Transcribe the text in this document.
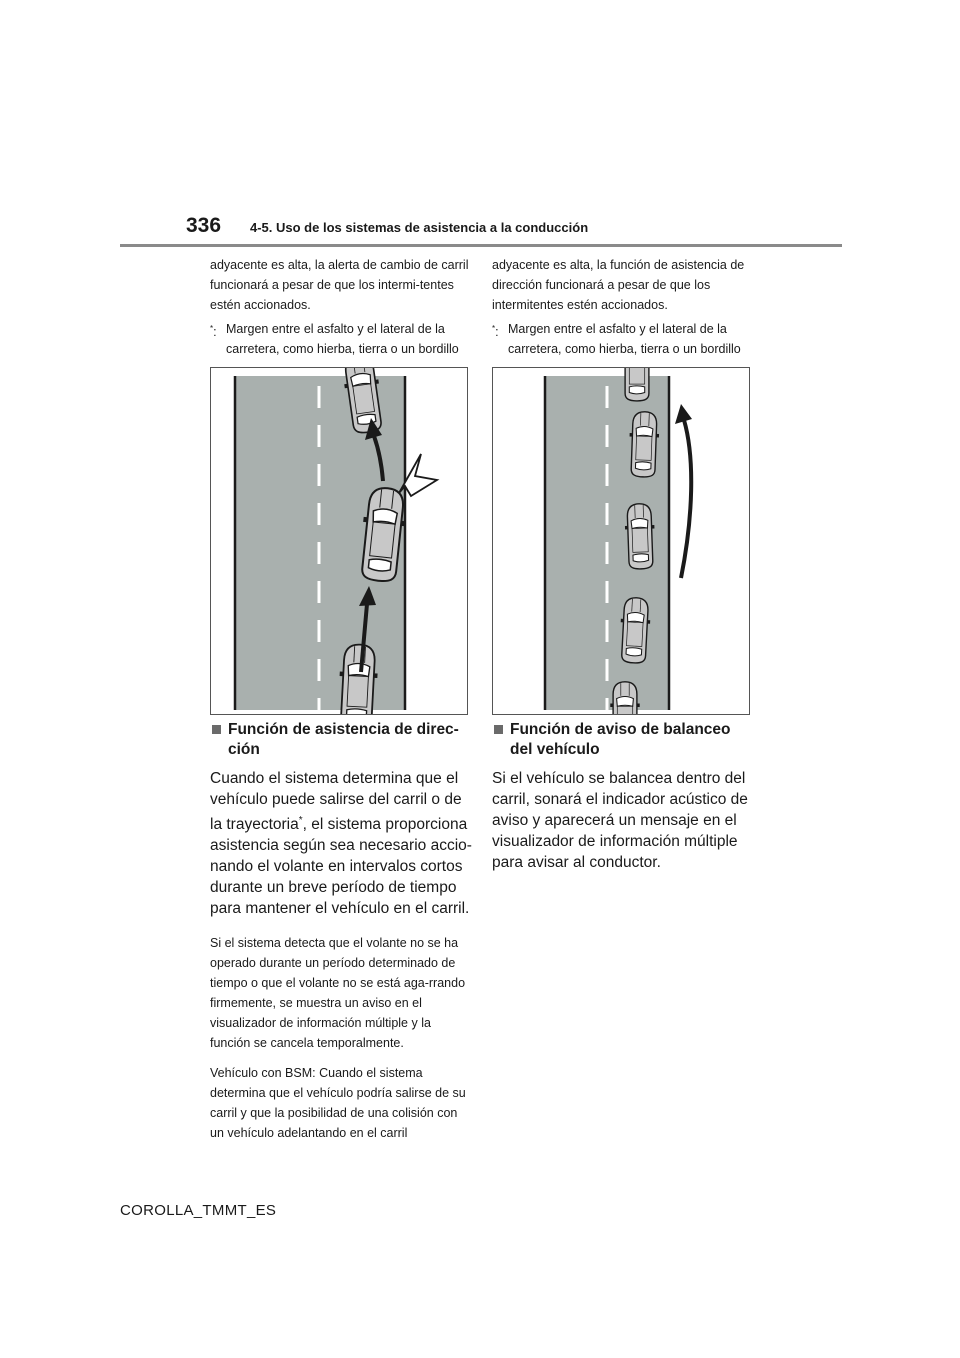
336 4-5. Uso de los sistemas de asistencia a la conducción

adyacente es alta, la alerta de cambio de carril funcionará a pesar de que los intermi-tentes estén accionados.

*: Margen entre el asfalto y el lateral de la carretera, como hierba, tierra o un bordillo

adyacente es alta, la función de asistencia de dirección funcionará a pesar de que los intermitentes estén accionados.

*: Margen entre el asfalto y el lateral de la carretera, como hierba, tierra o un bordillo
Función de asistencia de direc-ción

Cuando el sistema determina que el vehículo puede salirse del carril o de la trayectoria*, el sistema proporciona asistencia según sea necesario accio-nando el volante en intervalos cortos durante un breve período de tiempo para mantener el vehículo en el carril.

Si el sistema detecta que el volante no se ha operado durante un período determinado de tiempo o que el volante no se está aga-rrando firmemente, se muestra un aviso en el visualizador de información múltiple y la función se cancela temporalmente.

Vehículo con BSM: Cuando el sistema determina que el vehículo podría salirse de su carril y que la posibilidad de una colisión con un vehículo adelantando en el carril

Función de aviso de balanceo del vehículo

Si el vehículo se balancea dentro del carril, sonará el indicador acústico de aviso y aparecerá un mensaje en el visualizador de información múltiple para avisar al conductor.

COROLLA_TMMT_ES
